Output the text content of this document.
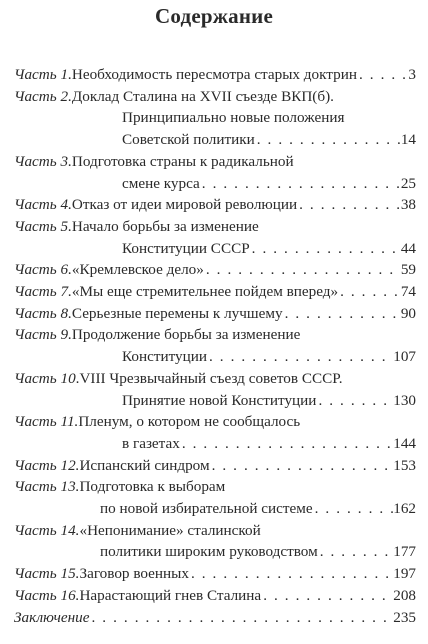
Содержание
Часть 1. Необходимость пересмотра старых доктрин . . .	3
Часть 2. Доклад Сталина на XVII съезде ВКП(б).
Принципиально новые положения
Советской политики . . .	14
Часть 3. Подготовка страны к радикальной
смене курса . . .	25
Часть 4. Отказ от идеи мировой революции . . .	38
Часть 5. Начало борьбы за изменение
Конституции СССР . . .	44
Часть 6. «Кремлевское дело» . . .	59
Часть 7. «Мы еще стремительнее пойдем вперед» . . .	74
Часть 8. Серьезные перемены к лучшему . . .	90
Часть 9. Продолжение борьбы за изменение
Конституции . . .	107
Часть 10 .VIII Чрезвычайный съезд советов СССР.
Принятие новой Конституции . . .	130
Часть 11. Пленум, о котором не сообщалось
в газетах . . .	144
Часть 12. Испанский синдром . . .	153
Часть 13. Подготовка к выборам
по новой избирательной системе . . .	162
Часть 14. «Непонимание» сталинской
политики широким руководством . . .	177
Часть 15. Заговор военных . . .	197
Часть 16. Нарастающий гнев Сталина . . .	208
Заключение . . .	235
